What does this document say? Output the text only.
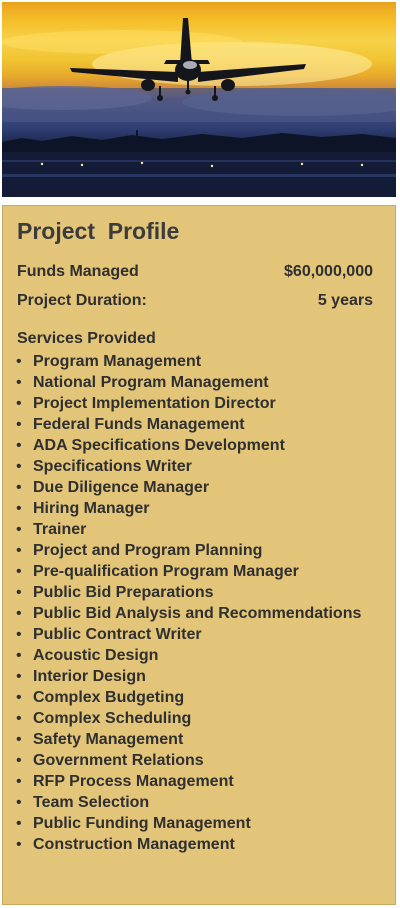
Project  Profile
Funds Managed	$60,000,000
Project Duration:	5 years
Services Provided
• Program Management
• National Program Management
• Project Implementation Director
• Federal Funds Management
• ADA Specifications Development
• Specifications Writer
• Due Diligence Manager
• Hiring Manager
• Trainer
• Project and Program Planning
• Pre-qualification Program Manager
• Public Bid Preparations
• Public Bid Analysis and Recommendations
• Public Contract Writer
• Acoustic Design
• Interior Design
• Complex Budgeting
• Complex Scheduling
• Safety Management
• Government Relations
• RFP Process Management
• Team Selection
• Public Funding Management
• Construction Management
